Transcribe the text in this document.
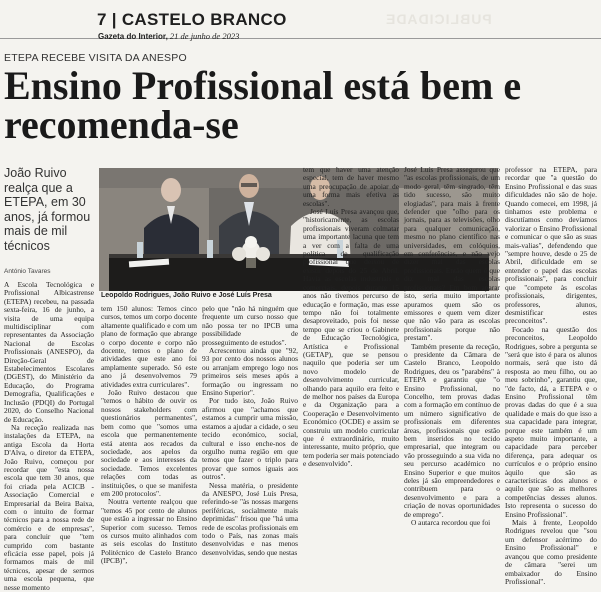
7 | CASTELO BRANCO
Gazeta do Interior, 21 de junho de 2023
PUBLICIDADE
ETEPA RECEBE VISITA DA ANESPO
Ensino Profissional está bem e recomenda-se

João Ruivo realça que a ETEPA, em 30 anos, já formou mais de mil técnicos

António Tavares
Leopoldo Rodrigues, João Ruivo e José Luís Presa

A Escola Tecnológica e Profissional Albicastrense (ETEPA) recebeu, na passada sexta-feira, 16 de junho, a visita de uma equipa multidisciplinar com representantes da Associação Nacional de Escolas Profissionais (ANESPO), da Direção-Geral de Estabelecimentos Escolares (DGEST), do Ministério da Educação, do Programa Demografia, Qualificações e Inclusão (PDQI) do Portugal 2020, do Conselho Nacional de Educação.

Na receção realizada nas instalações da ETEPA, na antiga Escola da Horta D'Alva, o diretor da ETEPA, João Ruivo, começou por recordar que "esta nossa escola que tem 30 anos, que foi criada pela ACICB - Associação Comercial e Empresarial da Beira Baixa, com o intuito de formar técnicos para a nossa rede de comércio e de empresas", para concluir que "tem cumprido com bastante eficácia esse papel, pois já formamos mais de mil técnicos, apesar de sermos uma escola pequena, que nesse momento

tem 150 alunos: Temos cinco cursos, temos um corpo docente altamente qualificado e com um plano de formação que abrange o corpo docente e corpo não docente, temos o plano de atividades que este ano foi amplamente superado. Só este ano já desenvolvemos 79 atividades extra curriculares".

João Ruivo destacou que "temos o hábito de ouvir os nossos stakeholders com questionários permanentes", bem como que "somos uma escola que permanentemente está atenta aos recados da sociedade, aos apelos da sociedade e aos interesses da sociedade. Temos excelentes relações com todas as instituições, o que se manifesta em 200 protocolos".

Noutra vertente realçou que "temos 45 por cento de alunos que estão a ingressar no Ensino Superior com sucesso. Temos os cursos muito alinhados com as seis escolas do Instituto Politécnico de Castelo Branco (IPCB)",

pelo que "não há ninguém que frequente um curso nosso que não possa ter no IPCB uma possibilidade de prosseguimento de estudos".

Acrescentou ainda que "92, 93 por cento dos nossos alunos ou arranjam emprego logo nos primeiros seis meses após a formação ou ingressam no Ensino Superior".

Por tudo isto, João Ruivo afirmou que "achamos que estamos a cumprir uma missão, estamos a ajudar a cidade, o seu tecido económico, social, cultural e isso enche-nos de orgulho numa região em que temos que fazer o triplo para provar que somos iguais aos outros".

Nessa matéria, o presidente da ANESPO, José Luís Presa, referindo-se "às nossas margens periféricas, socialmente mais deprimidas" frisou que "há uma rede de escolas profissionais em todo o País, nas zonas mais desenvolvidas e nas menos desenvolvidas, sendo que nestas

tem que haver uma atenção especial, tem de haver mesmo uma preocupação de apoiar de uma forma mais efetiva as escolas".

José Luís Presa avançou que, "historicamente, as escolas profissionais viveram colmatar uma importante lacuna que tem a ver com a falta de uma política de qualificação profissional que deixou de existir depois do 25 de Abril. Havia as escolas industriais e comerciais, depois durante 15 anos não tivemos percurso de educação e formação, mas esse tempo não foi totalmente desaproveitado, pois foi nesse tempo que se criou o Gabinete de Educação Tecnológica, Artística e Profissional (GETAP), que se pensou naquilo que poderia ser um novo modelo de desenvolvimento curricular, olhando para aquilo era feito e de melhor nos países da Europa e da Organização para a Cooperação e Desenvolvimento Económico (OCDE) e assim se construiu um modelo curricular que é extraordinário, muito interessante, muito próprio, que tem poderia ser mais potenciado e desenvolvido".

José Luís Presa assegurou que "as escolas profissionais, de um modo geral, têm singrado, têm tido sucesso, são muito elogiadas", para mais à frente defender que "olho para os jornais, para as televisões, olho para qualquer comunicação, mesmo no plano científico nas universidades, em colóquios, em conferências, e não vejo dizer mal das escolas profissionais. Então quem é que diz mal das escolas profissionais? Em bom aparar isto, seria muito importante apuramos quem são os emissores e quem vem dizer que não vão para as escolas profissionais porque não prestam".

Também presente da receção, o presidente da Câmara de Castelo Branco, Leopoldo Rodrigues, deu os "parabéns" à ETEPA e garantiu que "o Ensino Profissional, no Concelho, tem provas dadas com a formação em contínuo de um número significativo de profissionais em diferentes áreas, profissionais que estão bem inseridos no tecido empresarial, que integram ou vão prosseguindo a sua vida no seu percurso académico no Ensino Superior e que muitos deles já são empreendedores e contribuem para o desenvolvimento e para a criação de novas oportunidades de emprego".

O autarca recordou que foi

professor na ETEPA, para recordar que "a questão do Ensino Profissional e das suas dificuldades não são de hoje. Quando comecei, em 1998, já tinhamos este problema e discutíamos como devíamos valorizar o Ensino Profissional e comunicar o que são as suas mais-valias", defendendo que "sempre houve, desde o 25 de Abril, dificuldade em se entender o papel das escolas profissionais", para concluir que "compete às escolas profissionais, dirigentes, professores, alunos, desmistificar estes preconceitos".

Focado na questão dos preconceitos, Leopoldo Rodrigues, sobre a pergunta se "será que isto é para os alunos normais, será que isto dá resposta ao meu filho, ou ao meu sobrinho", garantiu que, "de facto, dá, a ETEPA e o Ensino Profissional têm provas dadas do que é a sua qualidade e mais do que isso a sua capacidade para integrar, porque este também é um aspeto muito importante, a capacidade para perceber diferença, para adequar os currículos e o próprio ensino àquilo que são as características dos alunos e aquilo que são as melhores competências desses alunos. Isto representa o sucesso do Ensino Profissional".

Mais à frente, Leopoldo Rodrigues revelou que "sou um defensor acérrimo do Ensino Profissional" e avançou que como presidente de câmara "serei um embaixador do Ensino Profissional".
